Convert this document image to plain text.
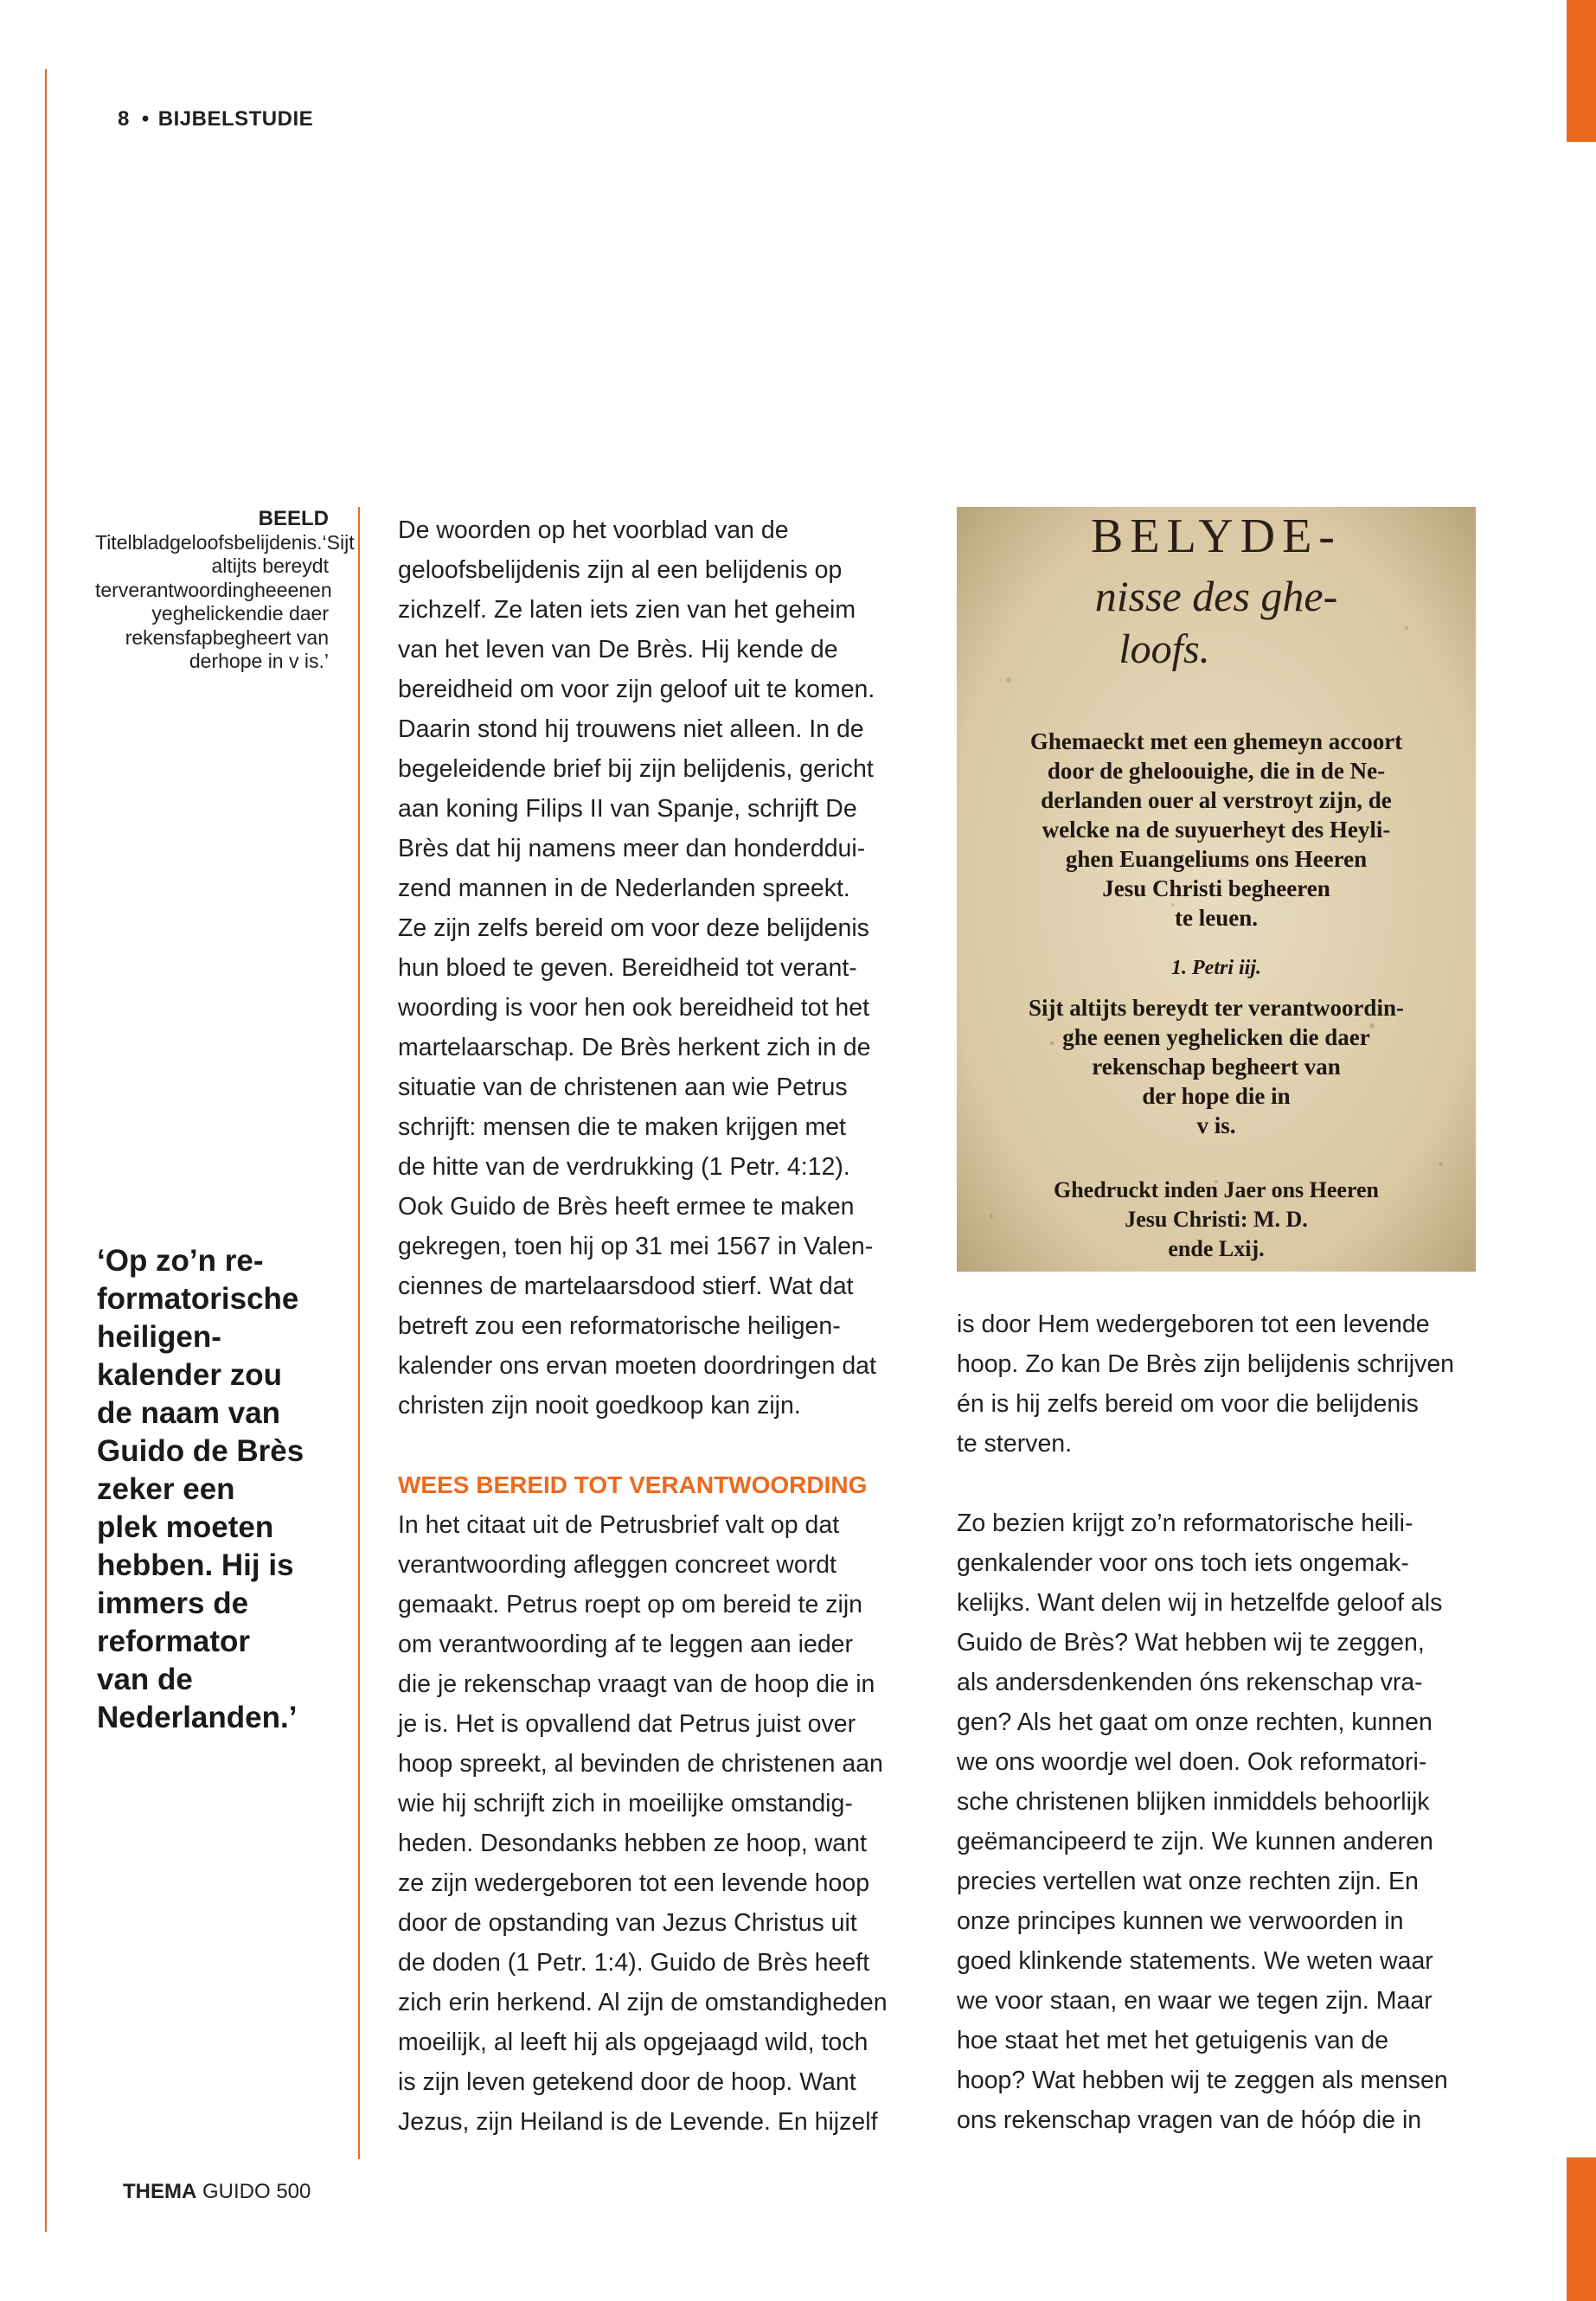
8 • BIJBELSTUDIE
BEELD
Titelbladgeloofsbelijdenis.‘Sijt altijts bereydt terverantwoordingheeenen yeghelickendie daer rekensfapbegheert van derhope in v is.’
‘Op zo’n re-
formatorische
heiligen-
kalender zou
de naam van
Guido de Brès
zeker een
plek moeten
hebben. Hij is
immers de
reformator
van de
Nederlanden.’
De woorden op het voorblad van de
geloofsbelijdenis zijn al een belijdenis op
zichzelf. Ze laten iets zien van het geheim
van het leven van De Brès. Hij kende de
bereidheid om voor zijn geloof uit te komen.
Daarin stond hij trouwens niet alleen. In de
begeleidende brief bij zijn belijdenis, gericht
aan koning Filips II van Spanje, schrijft De
Brès dat hij namens meer dan honderddui-
zend mannen in de Nederlanden spreekt.
Ze zijn zelfs bereid om voor deze belijdenis
hun bloed te geven. Bereidheid tot verant-
woording is voor hen ook bereidheid tot het
martelaarschap. De Brès herkent zich in de
situatie van de christenen aan wie Petrus
schrijft: mensen die te maken krijgen met
de hitte van de verdrukking (1 Petr. 4:12).
Ook Guido de Brès heeft ermee te maken
gekregen, toen hij op 31 mei 1567 in Valen-
ciennes de martelaarsdood stierf. Wat dat
betreft zou een reformatorische heiligen-
kalender ons ervan moeten doordringen dat
christen zijn nooit goedkoop kan zijn.
WEES BEREID TOT VERANTWOORDING
In het citaat uit de Petrusbrief valt op dat
verantwoording afleggen concreet wordt
gemaakt. Petrus roept op om bereid te zijn
om verantwoording af te leggen aan ieder
die je rekenschap vraagt van de hoop die in
je is. Het is opvallend dat Petrus juist over
hoop spreekt, al bevinden de christenen aan
wie hij schrijft zich in moeilijke omstandig-
heden. Desondanks hebben ze hoop, want
ze zijn wedergeboren tot een levende hoop
door de opstanding van Jezus Christus uit
de doden (1 Petr. 1:4). Guido de Brès heeft
zich erin herkend. Al zijn de omstandigheden
moeilijk, al leeft hij als opgejaagd wild, toch
is zijn leven getekend door de hoop. Want
Jezus, zijn Heiland is de Levende. En hijzelf
BELYDE-
nisse des ghe-
loofs.
Ghemaeckt met een ghemeyn accoort
door de gheloouighe, die in de Ne-
derlanden ouer al verstroyt zijn, de
welcke na de suyuerheyt des Heyli-
ghen Euangeliums ons Heeren
Jesu Christi begheeren
te leuen.
1. Petri iij.
Sijt altijts bereydt ter verantwoordin-
ghe eenen yeghelicken die daer
rekenschap begheert van
der hope die in
v is.
Ghedruckt inden Jaer ons Heeren
Jesu Christi: M. D.
ende Lxij.
is door Hem wedergeboren tot een levende
hoop. Zo kan De Brès zijn belijdenis schrijven
én is hij zelfs bereid om voor die belijdenis
te sterven.
Zo bezien krijgt zo’n reformatorische heili-
genkalender voor ons toch iets ongemak-
kelijks. Want delen wij in hetzelfde geloof als
Guido de Brès? Wat hebben wij te zeggen,
als andersdenkenden óns rekenschap vra-
gen? Als het gaat om onze rechten, kunnen
we ons woordje wel doen. Ook reformatori-
sche christenen blijken inmiddels behoorlijk
geëmancipeerd te zijn. We kunnen anderen
precies vertellen wat onze rechten zijn. En
onze principes kunnen we verwoorden in
goed klinkende statements. We weten waar
we voor staan, en waar we tegen zijn. Maar
hoe staat het met het getuigenis van de
hoop? Wat hebben wij te zeggen als mensen
ons rekenschap vragen van de hóóp die in
THEMA GUIDO 500
